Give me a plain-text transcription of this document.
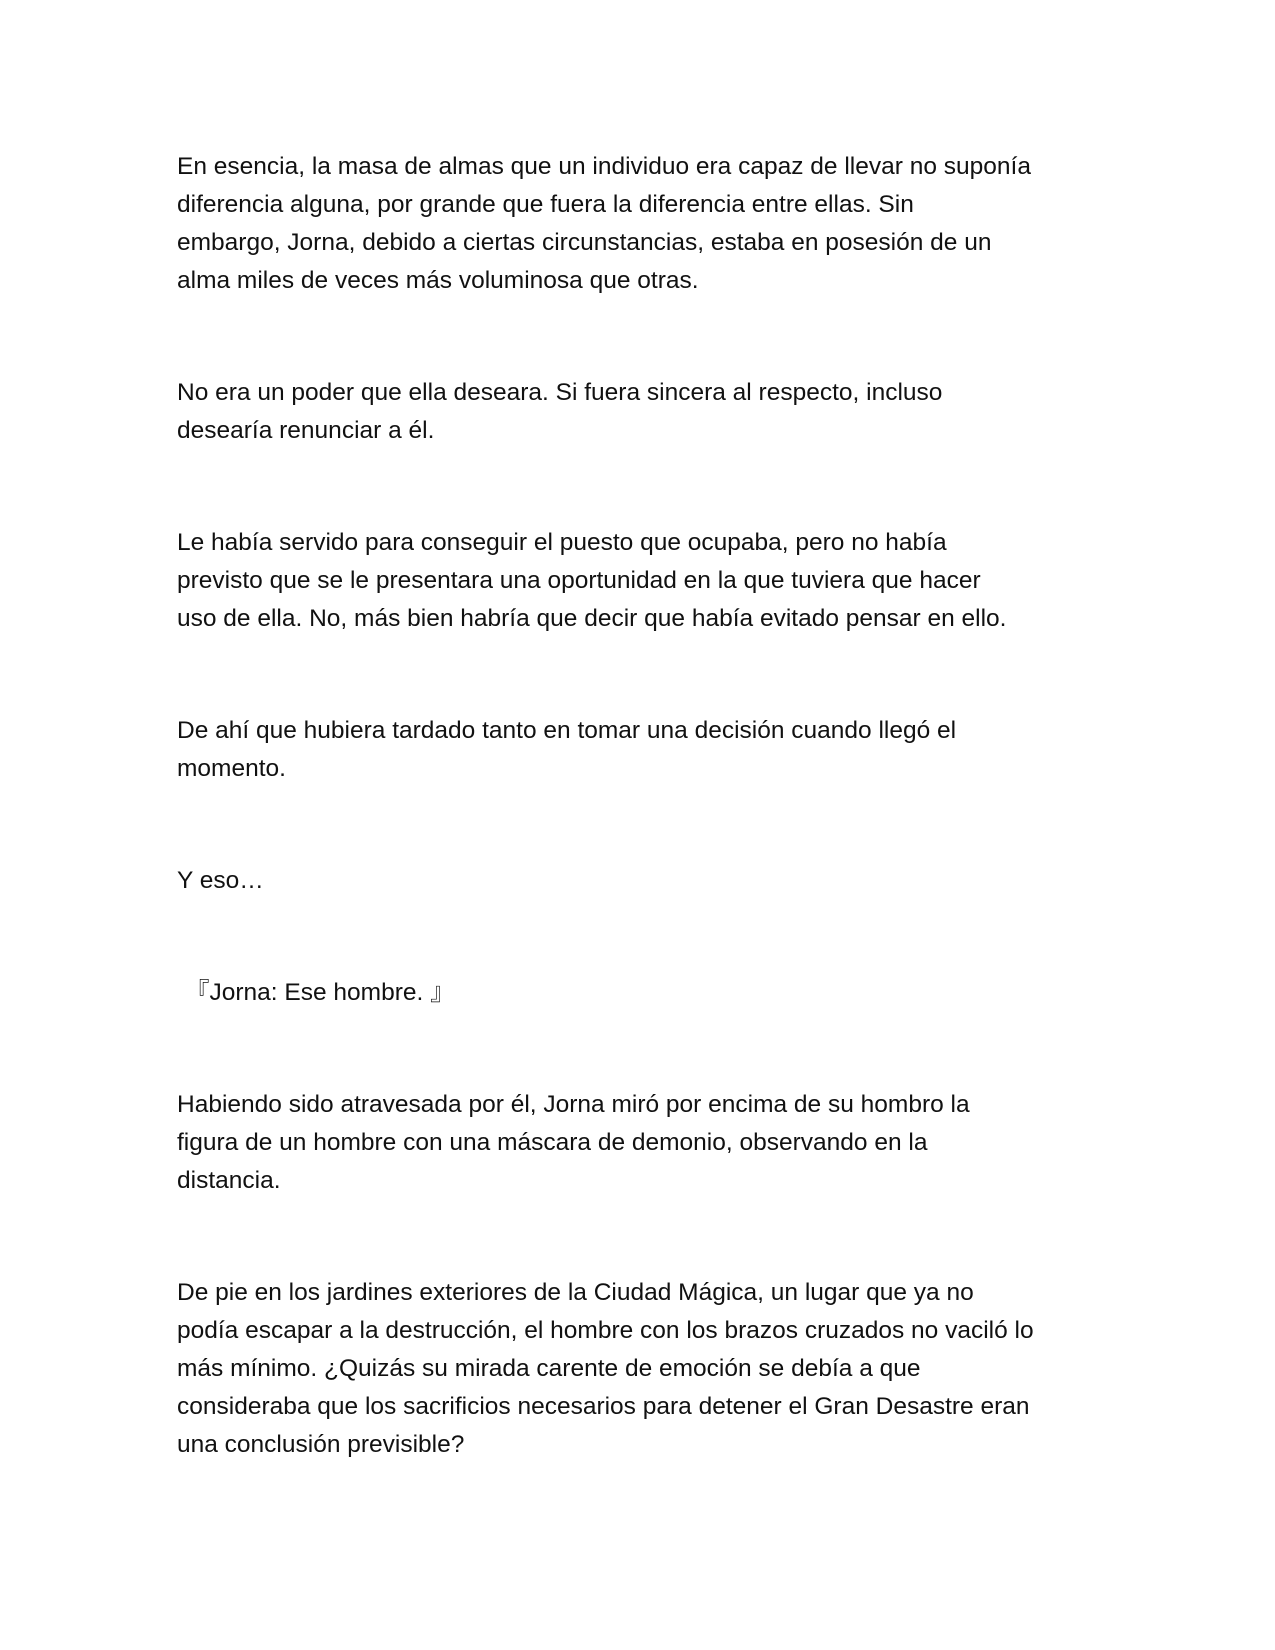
En esencia, la masa de almas que un individuo era capaz de llevar no suponía
diferencia alguna, por grande que fuera la diferencia entre ellas. Sin
embargo, Jorna, debido a ciertas circunstancias, estaba en posesión de un
alma miles de veces más voluminosa que otras.

No era un poder que ella deseara. Si fuera sincera al respecto, incluso
desearía renunciar a él.

Le había servido para conseguir el puesto que ocupaba, pero no había
previsto que se le presentara una oportunidad en la que tuviera que hacer
uso de ella. No, más bien habría que decir que había evitado pensar en ello.

De ahí que hubiera tardado tanto en tomar una decisión cuando llegó el
momento.

Y eso…

『Jorna: Ese hombre. 』

Habiendo sido atravesada por él, Jorna miró por encima de su hombro la
figura de un hombre con una máscara de demonio, observando en la
distancia.

De pie en los jardines exteriores de la Ciudad Mágica, un lugar que ya no
podía escapar a la destrucción, el hombre con los brazos cruzados no vaciló lo
más mínimo. ¿Quizás su mirada carente de emoción se debía a que
consideraba que los sacrificios necesarios para detener el Gran Desastre eran
una conclusión previsible?
